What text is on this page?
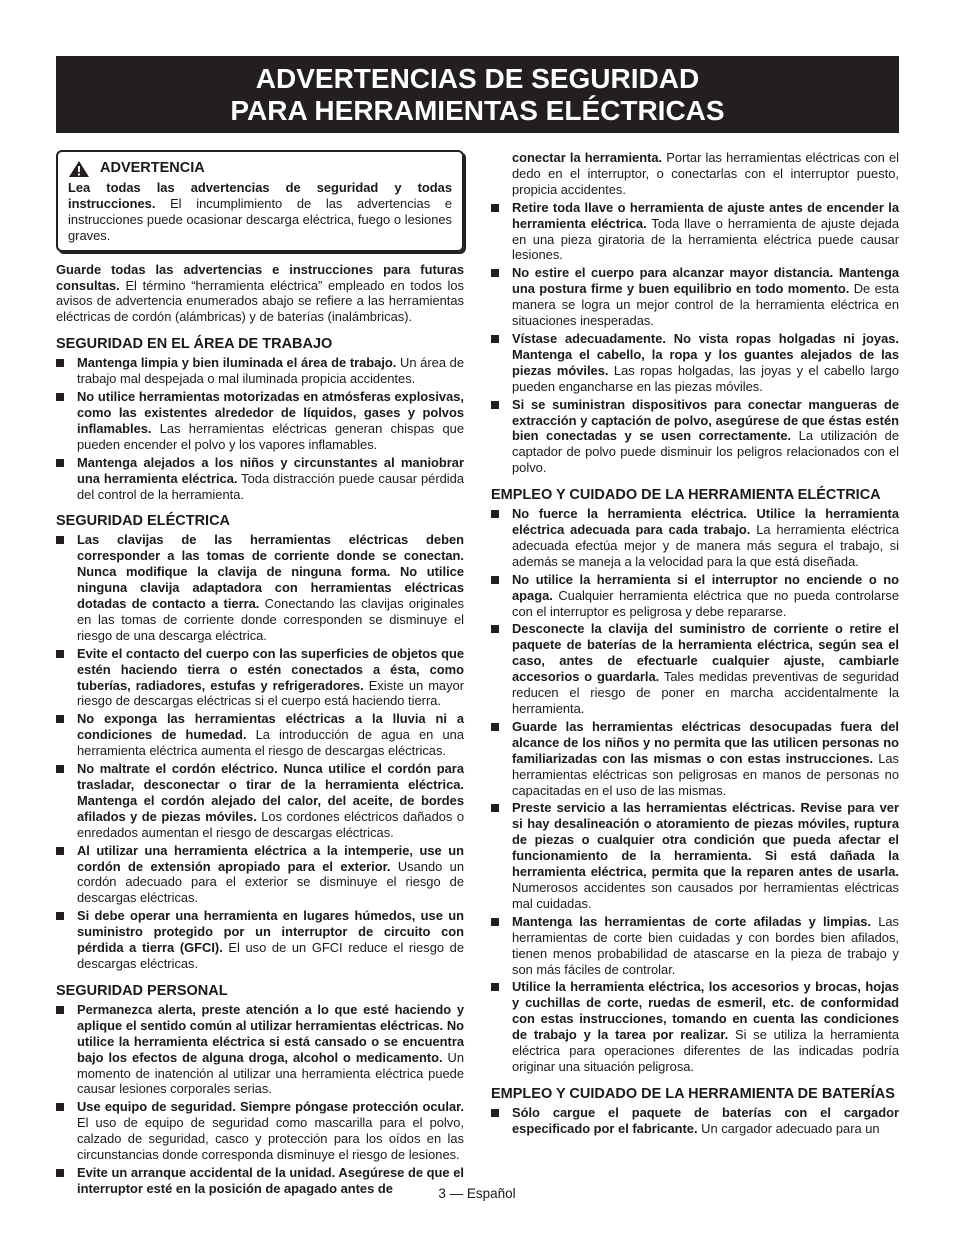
ADVERTENCIAS DE SEGURIDAD
PARA HERRAMIENTAS ELÉCTRICAS
ADVERTENCIA
Lea todas las advertencias de seguridad y todas instrucciones. El incumplimiento de las advertencias e instrucciones puede ocasionar descarga eléctrica, fuego o lesiones graves.

Guarde todas las advertencias e instrucciones para futuras consultas. El término “herramienta eléctrica” empleado en todos los avisos de advertencia enumerados abajo se refiere a las herramientas eléctricas de cordón (alámbricas) y de baterías (inalámbricas).

SEGURIDAD EN EL ÁREA DE TRABAJO
Mantenga limpia y bien iluminada el área de trabajo. Un área de trabajo mal despejada o mal iluminada propicia accidentes.
No utilice herramientas motorizadas en atmósferas explosivas, como las existentes alrededor de líquidos, gases y polvos inflamables. Las herramientas eléctricas generan chispas que pueden encender el polvo y los vapores inflamables.
Mantenga alejados a los niños y circunstantes al maniobrar una herramienta eléctrica. Toda distracción puede causar pérdida del control de la herramienta.
SEGURIDAD ELÉCTRICA
Las clavijas de las herramientas eléctricas deben corresponder a las tomas de corriente donde se conectan. Nunca modifique la clavija de ninguna forma. No utilice ninguna clavija adaptadora con herramientas eléctricas dotadas de contacto a tierra. Conectando las clavijas originales en las tomas de corriente donde corresponden se disminuye el riesgo de una descarga eléctrica.
Evite el contacto del cuerpo con las superficies de objetos que estén haciendo tierra o estén conectados a ésta, como tuberías, radiadores, estufas y refrigeradores. Existe un mayor riesgo de descargas eléctricas si el cuerpo está haciendo tierra.
No exponga las herramientas eléctricas a la lluvia ni a condiciones de humedad. La introducción de agua en una herramienta eléctrica aumenta el riesgo de descargas eléctricas.
No maltrate el cordón eléctrico. Nunca utilice el cordón para trasladar, desconectar o tirar de la herramienta eléctrica. Mantenga el cordón alejado del calor, del aceite, de bordes afilados y de piezas móviles. Los cordones eléctricos dañados o enredados aumentan el riesgo de descargas eléctricas.
Al utilizar una herramienta eléctrica a la intemperie, use un cordón de extensión apropiado para el exterior. Usando un cordón adecuado para el exterior se disminuye el riesgo de descargas eléctricas.
Si debe operar una herramienta en lugares húmedos, use un suministro protegido por un interruptor de circuito con pérdida a tierra (GFCI). El uso de un GFCI reduce el riesgo de descargas eléctricas.
SEGURIDAD PERSONAL
Permanezca alerta, preste atención a lo que esté haciendo y aplique el sentido común al utilizar herramientas eléctricas. No utilice la herramienta eléctrica si está cansado o se encuentra bajo los efectos de alguna droga, alcohol o medicamento. Un momento de inatención al utilizar una herramienta eléctrica puede causar lesiones corporales serias.
Use equipo de seguridad. Siempre póngase protección ocular. El uso de equipo de seguridad como mascarilla para el polvo, calzado de seguridad, casco y protección para los oídos en las circunstancias donde corresponda disminuye el riesgo de lesiones.
Evite un arranque accidental de la unidad. Asegúrese de que el interruptor esté en la posición de apagado antes de
conectar la herramienta. Portar las herramientas eléctricas con el dedo en el interruptor, o conectarlas con el interruptor puesto, propicia accidentes.
Retire toda llave o herramienta de ajuste antes de encender la herramienta eléctrica. Toda llave o herramienta de ajuste dejada en una pieza giratoria de la herramienta eléctrica puede causar lesiones.
No estire el cuerpo para alcanzar mayor distancia. Mantenga una postura firme y buen equilibrio en todo momento. De esta manera se logra un mejor control de la herramienta eléctrica en situaciones inesperadas.
Vístase adecuadamente. No vista ropas holgadas ni joyas. Mantenga el cabello, la ropa y los guantes alejados de las piezas móviles. Las ropas holgadas, las joyas y el cabello largo pueden engancharse en las piezas móviles.
Si se suministran dispositivos para conectar mangueras de extracción y captación de polvo, asegúrese de que éstas estén bien conectadas y se usen correctamente. La utilización de captador de polvo puede disminuir los peligros relacionados con el polvo.
EMPLEO Y CUIDADO DE LA HERRAMIENTA ELÉCTRICA
No fuerce la herramienta eléctrica. Utilice la herramienta eléctrica adecuada para cada trabajo. La herramienta eléctrica adecuada efectúa mejor y de manera más segura el trabajo, si además se maneja a la velocidad para la que está diseñada.
No utilice la herramienta si el interruptor no enciende o no apaga. Cualquier herramienta eléctrica que no pueda controlarse con el interruptor es peligrosa y debe repararse.
Desconecte la clavija del suministro de corriente o retire el paquete de baterías de la herramienta eléctrica, según sea el caso, antes de efectuarle cualquier ajuste, cambiarle accesorios o guardarla. Tales medidas preventivas de seguridad reducen el riesgo de poner en marcha accidentalmente la herramienta.
Guarde las herramientas eléctricas desocupadas fuera del alcance de los niños y no permita que las utilicen personas no familiarizadas con las mismas o con estas instrucciones. Las herramientas eléctricas son peligrosas en manos de personas no capacitadas en el uso de las mismas.
Preste servicio a las herramientas eléctricas. Revise para ver si hay desalineación o atoramiento de piezas móviles, ruptura de piezas o cualquier otra condición que pueda afectar el funcionamiento de la herramienta. Si está dañada la herramienta eléctrica, permita que la reparen antes de usarla. Numerosos accidentes son causados por herramientas eléctricas mal cuidadas.
Mantenga las herramientas de corte afiladas y limpias. Las herramientas de corte bien cuidadas y con bordes bien afilados, tienen menos probabilidad de atascarse en la pieza de trabajo y son más fáciles de controlar.
Utilice la herramienta eléctrica, los accesorios y brocas, hojas y cuchillas de corte, ruedas de esmeril, etc. de conformidad con estas instrucciones, tomando en cuenta las condiciones de trabajo y la tarea por realizar. Si se utiliza la herramienta eléctrica para operaciones diferentes de las indicadas podría originar una situación peligrosa.
EMPLEO Y CUIDADO DE LA HERRAMIENTA DE BATERÍAS
Sólo cargue el paquete de baterías con el cargador especificado por el fabricante. Un cargador adecuado para un
3 — Español
